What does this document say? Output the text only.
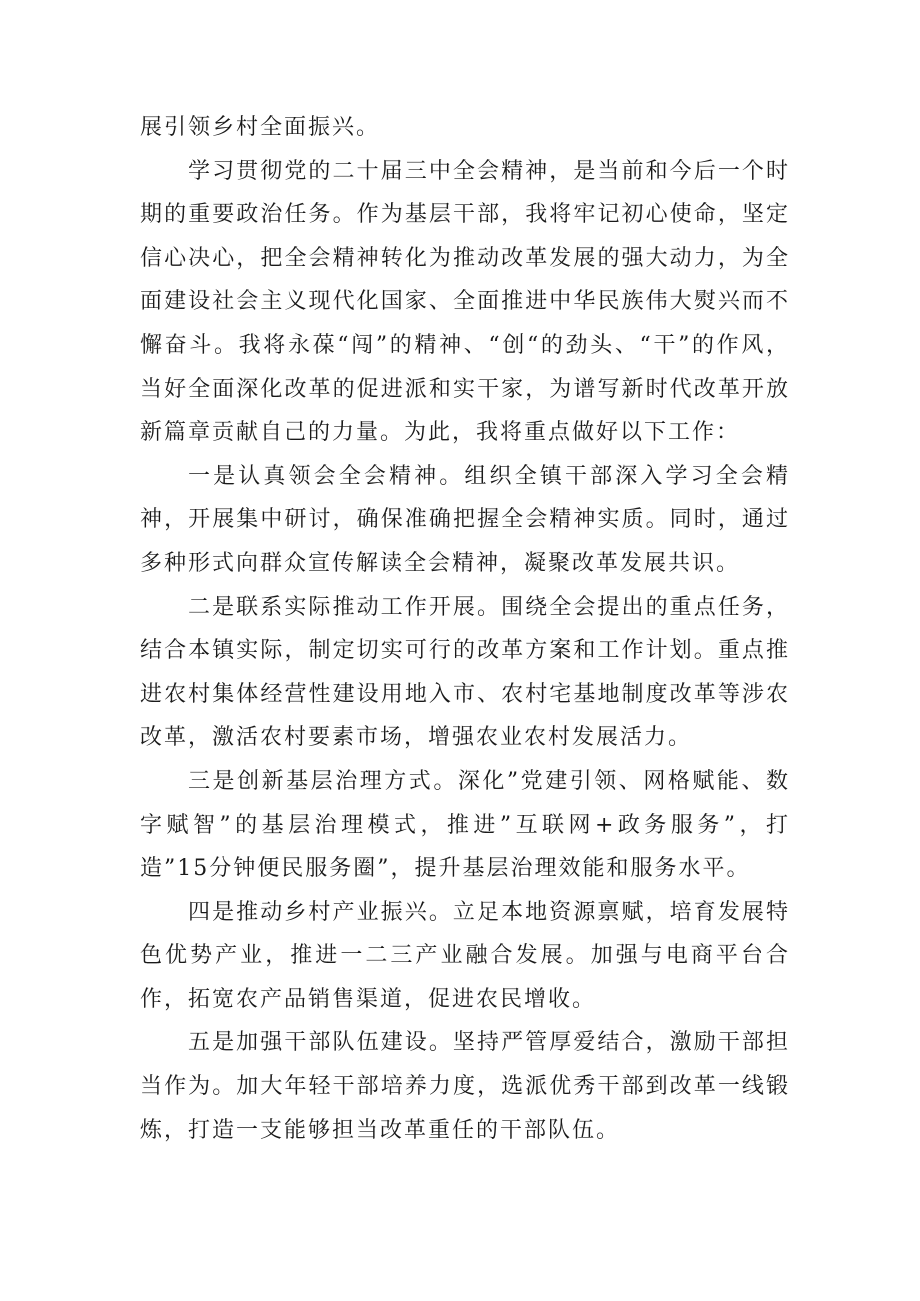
展引领乡村全面振兴。

学习贯彻党的二十届三中全会精神，是当前和今后一个时期的重要政治任务。作为基层干部，我将牢记初心使命，坚定信心决心，把全会精神转化为推动改革发展的强大动力，为全面建设社会主义现代化国家、全面推进中华民族伟大熨兴而不懈奋斗。我将永葆“闯”的精神、“创“的劲头、“干”的作风，当好全面深化改革的促进派和实干家，为谱写新时代改革开放新篇章贡献自己的力量。为此，我将重点做好以下工作：

一是认真领会全会精神。组织全镇干部深入学习全会精神，开展集中研讨，确保准确把握全会精神实质。同时，通过多种形式向群众宣传解读全会精神，凝聚改革发展共识。

二是联系实际推动工作开展。围绕全会提出的重点任务，结合本镇实际，制定切实可行的改革方案和工作计划。重点推进农村集体经营性建设用地入市、农村宅基地制度改革等涉农改革，激活农村要素市场，增强农业农村发展活力。

三是创新基层治理方式。深化”党建引领、网格赋能、数字赋智”的基层治理模式，推进”互联网+政务服务”，打造”15分钟便民服务圈”，提升基层治理效能和服务水平。

四是推动乡村产业振兴。立足本地资源禀赋，培育发展特色优势产业，推进一二三产业融合发展。加强与电商平台合作，拓宽农产品销售渠道，促进农民增收。

五是加强干部队伍建设。坚持严管厚爱结合，激励干部担当作为。加大年轻干部培养力度，选派优秀干部到改革一线锻炼，打造一支能够担当改革重任的干部队伍。
